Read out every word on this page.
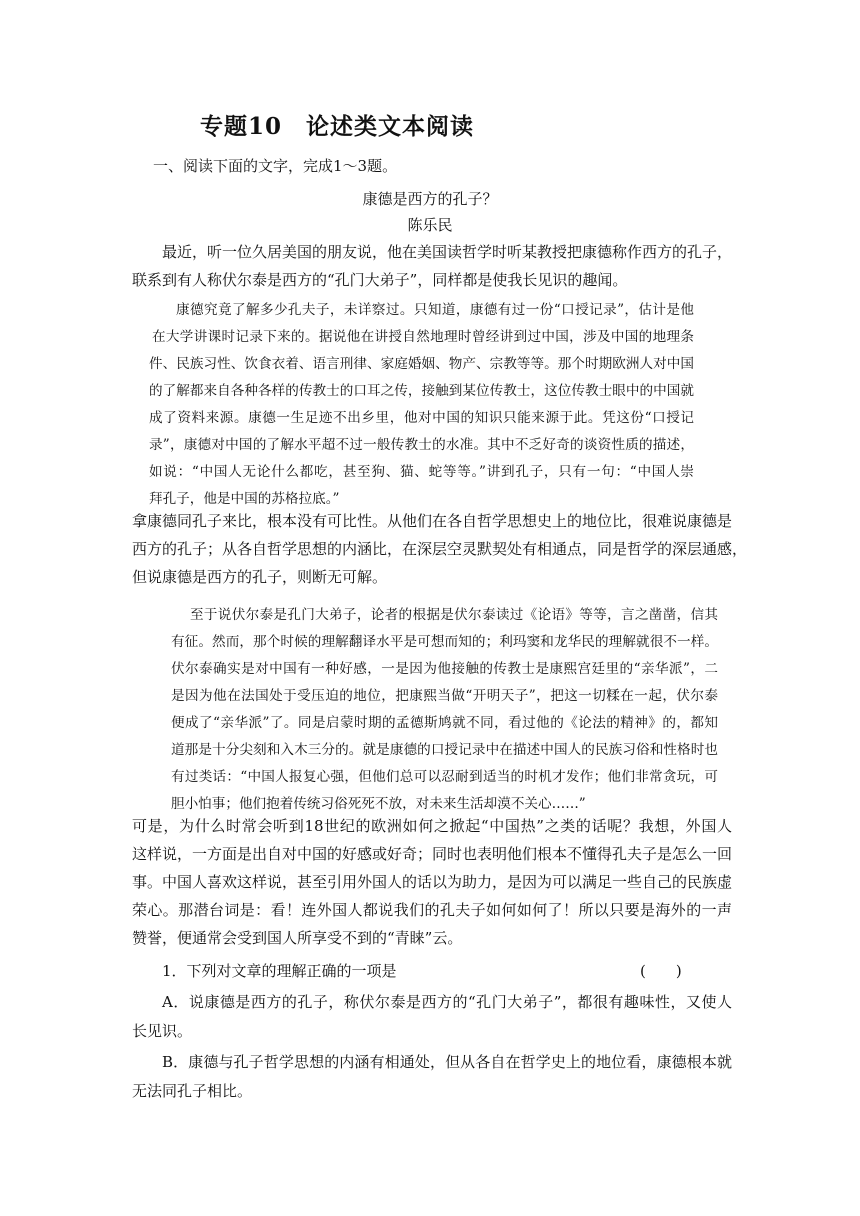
专题10　论述类文本阅读
一、阅读下面的文字，完成1～3题。
康德是西方的孔子？
陈乐民
最近，听一位久居美国的朋友说，他在美国读哲学时听某教授把康德称作西方的孔子，
联系到有人称伏尔泰是西方的“孔门大弟子”，同样都是使我长见识的趣闻。
康德究竟了解多少孔夫子，未详察过。只知道，康德有过一份“口授记录”，估计是他
在大学讲课时记录下来的。据说他在讲授自然地理时曾经讲到过中国，涉及中国的地理条
件、民族习性、饮食衣着、语言刑律、家庭婚姻、物产、宗教等等。那个时期欧洲人对中国
的了解都来自各种各样的传教士的口耳之传，接触到某位传教士，这位传教士眼中的中国就
成了资料来源。康德一生足迹不出乡里，他对中国的知识只能来源于此。凭这份“口授记
录”，康德对中国的了解水平超不过一般传教士的水准。其中不乏好奇的谈资性质的描述，
如说：“中国人无论什么都吃，甚至狗、猫、蛇等等。”讲到孔子，只有一句：“中国人崇
拜孔子，他是中国的苏格拉底。”
拿康德同孔子来比，根本没有可比性。从他们在各自哲学思想史上的地位比，很难说康德是
西方的孔子；从各自哲学思想的内涵比，在深层空灵默契处有相通点，同是哲学的深层通感，
但说康德是西方的孔子，则断无可解。
至于说伏尔泰是孔门大弟子，论者的根据是伏尔泰读过《论语》等等，言之凿凿，信其
有征。然而，那个时候的理解翻译水平是可想而知的；利玛窦和龙华民的理解就很不一样。
伏尔泰确实是对中国有一种好感，一是因为他接触的传教士是康熙宫廷里的“亲华派”，二
是因为他在法国处于受压迫的地位，把康熙当做“开明天子”，把这一切糅在一起，伏尔泰
便成了“亲华派”了。同是启蒙时期的孟德斯鸠就不同，看过他的《论法的精神》的，都知
道那是十分尖刻和入木三分的。就是康德的口授记录中在描述中国人的民族习俗和性格时也
有过类话：“中国人报复心强，但他们总可以忍耐到适当的时机才发作；他们非常贪玩，可
胆小怕事；他们抱着传统习俗死死不放，对未来生活却漠不关心……”
可是，为什么时常会听到18世纪的欧洲如何之掀起“中国热”之类的话呢？我想，外国人
这样说，一方面是出自对中国的好感或好奇；同时也表明他们根本不懂得孔夫子是怎么一回
事。中国人喜欢这样说，甚至引用外国人的话以为助力，是因为可以满足一些自己的民族虚
荣心。那潜台词是：看！连外国人都说我们的孔夫子如何如何了！所以只要是海外的一声
赞誉，便通常会受到国人所享受不到的“青睐”云。
1．下列对文章的理解正确的一项是	(　　)
A．说康德是西方的孔子，称伏尔泰是西方的“孔门大弟子”，都很有趣味性，又使人
长见识。
B．康德与孔子哲学思想的内涵有相通处，但从各自在哲学史上的地位看，康德根本就
无法同孔子相比。
